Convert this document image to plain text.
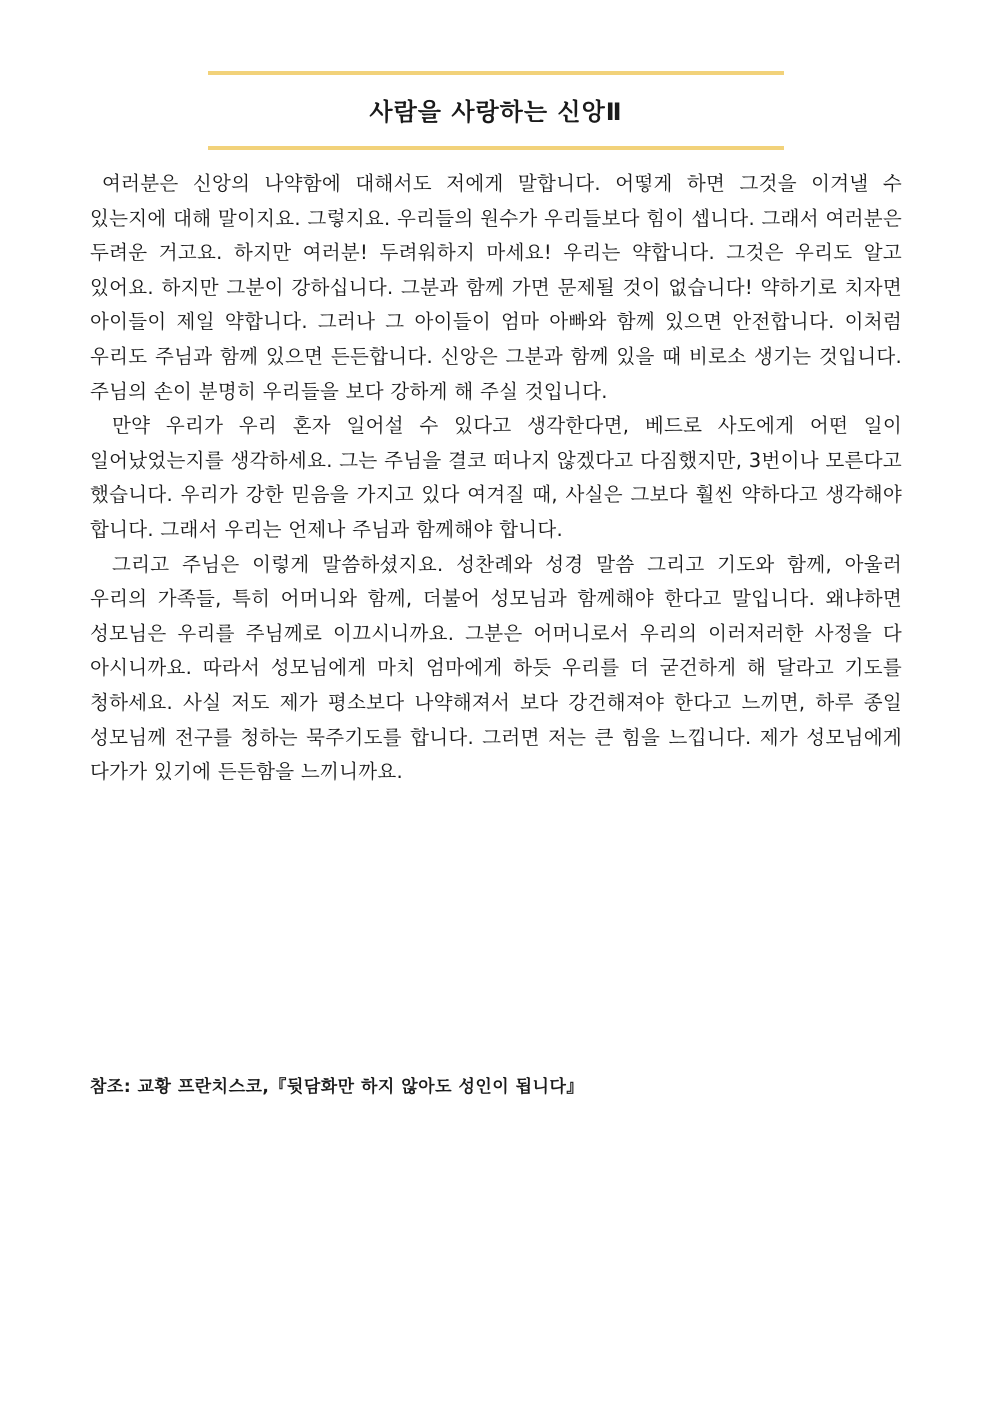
사람을 사랑하는 신앙Ⅱ

여러분은 신앙의 나약함에 대해서도 저에게 말합니다. 어떻게 하면 그것을 이겨낼 수 있는지에 대해 말이지요. 그렇지요. 우리들의 원수가 우리들보다 힘이 셉니다. 그래서 여러분은 두려운 거고요. 하지만 여러분! 두려워하지 마세요! 우리는 약합니다. 그것은 우리도 알고 있어요. 하지만 그분이 강하십니다. 그분과 함께 가면 문제될 것이 없습니다! 약하기로 치자면 아이들이 제일 약합니다. 그러나 그 아이들이 엄마 아빠와 함께 있으면 안전합니다. 이처럼 우리도 주님과 함께 있으면 든든합니다. 신앙은 그분과 함께 있을 때 비로소 생기는 것입니다. 주님의 손이 분명히 우리들을 보다 강하게 해 주실 것입니다.

만약 우리가 우리 혼자 일어설 수 있다고 생각한다면, 베드로 사도에게 어떤 일이 일어났었는지를 생각하세요. 그는 주님을 결코 떠나지 않겠다고 다짐했지만, 3번이나 모른다고 했습니다. 우리가 강한 믿음을 가지고 있다 여겨질 때, 사실은 그보다 훨씬 약하다고 생각해야 합니다. 그래서 우리는 언제나 주님과 함께해야 합니다.

그리고 주님은 이렇게 말씀하셨지요. 성찬례와 성경 말씀 그리고 기도와 함께, 아울러 우리의 가족들, 특히 어머니와 함께, 더불어 성모님과 함께해야 한다고 말입니다. 왜냐하면 성모님은 우리를 주님께로 이끄시니까요. 그분은 어머니로서 우리의 이러저러한 사정을 다 아시니까요. 따라서 성모님에게 마치 엄마에게 하듯 우리를 더 굳건하게 해 달라고 기도를 청하세요. 사실 저도 제가 평소보다 나약해져서 보다 강건해져야 한다고 느끼면, 하루 종일 성모님께 전구를 청하는 묵주기도를 합니다. 그러면 저는 큰 힘을 느낍니다. 제가 성모님에게 다가가 있기에 든든함을 느끼니까요.

참조: 교황 프란치스코,『뒷담화만 하지 않아도 성인이 됩니다』
